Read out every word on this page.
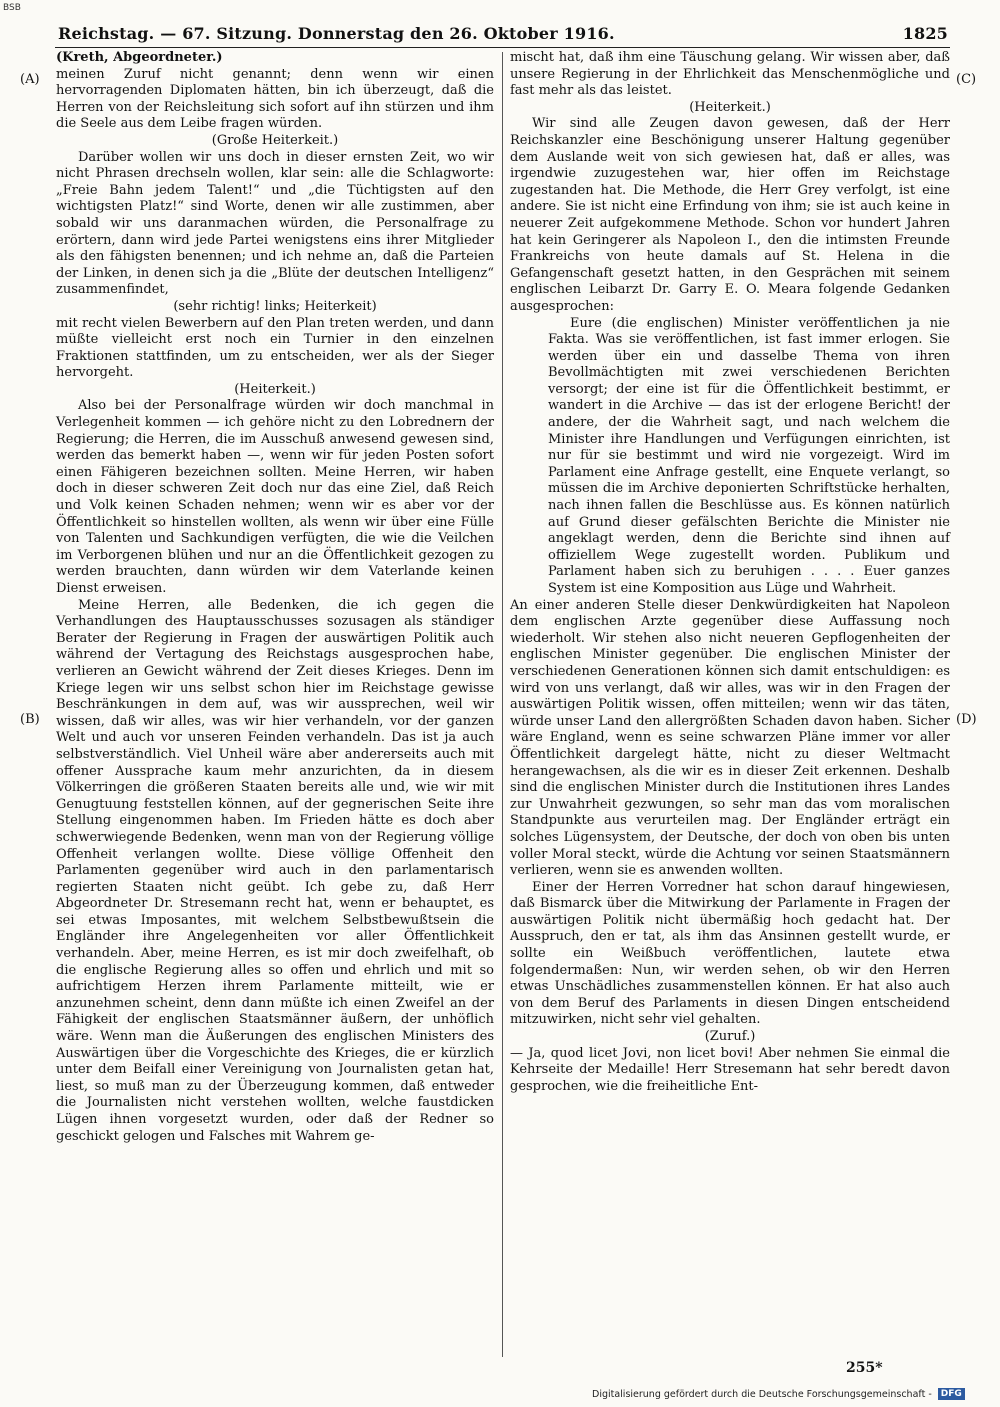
BSB
Reichstag. — 67. Sitzung. Donnerstag den 26. Oktober 1916.	1825
(A)
(B)
(C)
(D)

(Kreth, Abgeordneter.)

meinen Zuruf nicht genannt; denn wenn wir einen hervorragenden Diplomaten hätten, bin ich überzeugt, daß die Herren von der Reichsleitung sich sofort auf ihn stürzen und ihm die Seele aus dem Leibe fragen würden.

(Große Heiterkeit.)

Darüber wollen wir uns doch in dieser ernsten Zeit, wo wir nicht Phrasen drechseln wollen, klar sein: alle die Schlagworte: „Freie Bahn jedem Talent!“ und „die Tüchtigsten auf den wichtigsten Platz!“ sind Worte, denen wir alle zustimmen, aber sobald wir uns daranmachen würden, die Personalfrage zu erörtern, dann wird jede Partei wenigstens eins ihrer Mitglieder als den fähigsten benennen; und ich nehme an, daß die Parteien der Linken, in denen sich ja die „Blüte der deutschen Intelligenz“ zusammenfindet,

(sehr richtig! links; Heiterkeit)

mit recht vielen Bewerbern auf den Plan treten werden, und dann müßte vielleicht erst noch ein Turnier in den einzelnen Fraktionen stattfinden, um zu entscheiden, wer als der Sieger hervorgeht.

(Heiterkeit.)

Also bei der Personalfrage würden wir doch manchmal in Verlegenheit kommen — ich gehöre nicht zu den Lobrednern der Regierung; die Herren, die im Ausschuß anwesend gewesen sind, werden das bemerkt haben —, wenn wir für jeden Posten sofort einen Fähigeren bezeichnen sollten. Meine Herren, wir haben doch in dieser schweren Zeit doch nur das eine Ziel, daß Reich und Volk keinen Schaden nehmen; wenn wir es aber vor der Öffentlichkeit so hinstellen wollten, als wenn wir über eine Fülle von Talenten und Sachkundigen verfügten, die wie die Veilchen im Verborgenen blühen und nur an die Öffentlichkeit gezogen zu werden brauchten, dann würden wir dem Vaterlande keinen Dienst erweisen.

Meine Herren, alle Bedenken, die ich gegen die Verhandlungen des Hauptausschusses sozusagen als ständiger Berater der Regierung in Fragen der auswärtigen Politik auch während der Vertagung des Reichstags ausgesprochen habe, verlieren an Gewicht während der Zeit dieses Krieges. Denn im Kriege legen wir uns selbst schon hier im Reichstage gewisse Beschränkungen in dem auf, was wir aussprechen, weil wir wissen, daß wir alles, was wir hier verhandeln, vor der ganzen Welt und auch vor unseren Feinden verhandeln. Das ist ja auch selbstverständlich. Viel Unheil wäre aber andererseits auch mit offener Aussprache kaum mehr anzurichten, da in diesem Völkerringen die größeren Staaten bereits alle und, wie wir mit Genugtuung feststellen können, auf der gegnerischen Seite ihre Stellung eingenommen haben. Im Frieden hätte es doch aber schwerwiegende Bedenken, wenn man von der Regierung völlige Offenheit verlangen wollte. Diese völlige Offenheit den Parlamenten gegenüber wird auch in den parlamentarisch regierten Staaten nicht geübt. Ich gebe zu, daß Herr Abgeordneter Dr. Stresemann recht hat, wenn er behauptet, es sei etwas Imposantes, mit welchem Selbstbewußtsein die Engländer ihre Angelegenheiten vor aller Öffentlichkeit verhandeln. Aber, meine Herren, es ist mir doch zweifelhaft, ob die englische Regierung alles so offen und ehrlich und mit so aufrichtigem Herzen ihrem Parlamente mitteilt, wie er anzunehmen scheint, denn dann müßte ich einen Zweifel an der Fähigkeit der englischen Staatsmänner äußern, der unhöflich wäre. Wenn man die Äußerungen des englischen Ministers des Auswärtigen über die Vorgeschichte des Krieges, die er kürzlich unter dem Beifall einer Vereinigung von Journalisten getan hat, liest, so muß man zu der Überzeugung kommen, daß entweder die Journalisten nicht verstehen wollten, welche faustdicken Lügen ihnen vorgesetzt wurden, oder daß der Redner so geschickt gelogen und Falsches mit Wahrem ge-

mischt hat, daß ihm eine Täuschung gelang. Wir wissen aber, daß unsere Regierung in der Ehrlichkeit das Menschenmögliche und fast mehr als das leistet.

(Heiterkeit.)

Wir sind alle Zeugen davon gewesen, daß der Herr Reichskanzler eine Beschönigung unserer Haltung gegenüber dem Auslande weit von sich gewiesen hat, daß er alles, was irgendwie zuzugestehen war, hier offen im Reichstage zugestanden hat. Die Methode, die Herr Grey verfolgt, ist eine andere. Sie ist nicht eine Erfindung von ihm; sie ist auch keine in neuerer Zeit aufgekommene Methode. Schon vor hundert Jahren hat kein Geringerer als Napoleon I., den die intimsten Freunde Frankreichs von heute damals auf St. Helena in die Gefangenschaft gesetzt hatten, in den Gesprächen mit seinem englischen Leibarzt Dr. Garry E. O. Meara folgende Gedanken ausgesprochen:

Eure (die englischen) Minister veröffentlichen ja nie Fakta. Was sie veröffentlichen, ist fast immer erlogen. Sie werden über ein und dasselbe Thema von ihren Bevollmächtigten mit zwei verschiedenen Berichten versorgt; der eine ist für die Öffentlichkeit bestimmt, er wandert in die Archive — das ist der erlogene Bericht! der andere, der die Wahrheit sagt, und nach welchem die Minister ihre Handlungen und Verfügungen einrichten, ist nur für sie bestimmt und wird nie vorgezeigt. Wird im Parlament eine Anfrage gestellt, eine Enquete verlangt, so müssen die im Archive deponierten Schriftstücke herhalten, nach ihnen fallen die Beschlüsse aus. Es können natürlich auf Grund dieser gefälschten Berichte die Minister nie angeklagt werden, denn die Berichte sind ihnen auf offiziellem Wege zugestellt worden. Publikum und Parlament haben sich zu beruhigen . . . . Euer ganzes System ist eine Komposition aus Lüge und Wahrheit.

An einer anderen Stelle dieser Denkwürdigkeiten hat Napoleon dem englischen Arzte gegenüber diese Auffassung noch wiederholt. Wir stehen also nicht neueren Gepflogenheiten der englischen Minister gegenüber. Die englischen Minister der verschiedenen Generationen können sich damit entschuldigen: es wird von uns verlangt, daß wir alles, was wir in den Fragen der auswärtigen Politik wissen, offen mitteilen; wenn wir das täten, würde unser Land den allergrößten Schaden davon haben. Sicher wäre England, wenn es seine schwarzen Pläne immer vor aller Öffentlichkeit dargelegt hätte, nicht zu dieser Weltmacht herangewachsen, als die wir es in dieser Zeit erkennen. Deshalb sind die englischen Minister durch die Institutionen ihres Landes zur Unwahrheit gezwungen, so sehr man das vom moralischen Standpunkte aus verurteilen mag. Der Engländer erträgt ein solches Lügensystem, der Deutsche, der doch von oben bis unten voller Moral steckt, würde die Achtung vor seinen Staatsmännern verlieren, wenn sie es anwenden wollten.

Einer der Herren Vorredner hat schon darauf hingewiesen, daß Bismarck über die Mitwirkung der Parlamente in Fragen der auswärtigen Politik nicht übermäßig hoch gedacht hat. Der Ausspruch, den er tat, als ihm das Ansinnen gestellt wurde, er sollte ein Weißbuch veröffentlichen, lautete etwa folgendermaßen: Nun, wir werden sehen, ob wir den Herren etwas Unschädliches zusammenstellen können. Er hat also auch von dem Beruf des Parlaments in diesen Dingen entscheidend mitzuwirken, nicht sehr viel gehalten.

(Zuruf.)

— Ja, quod licet Jovi, non licet bovi! Aber nehmen Sie einmal die Kehrseite der Medaille! Herr Stresemann hat sehr beredt davon gesprochen, wie die freiheitliche Ent-

255*
Digitalisierung gefördert durch die Deutsche Forschungsgemeinschaft -	DFG
